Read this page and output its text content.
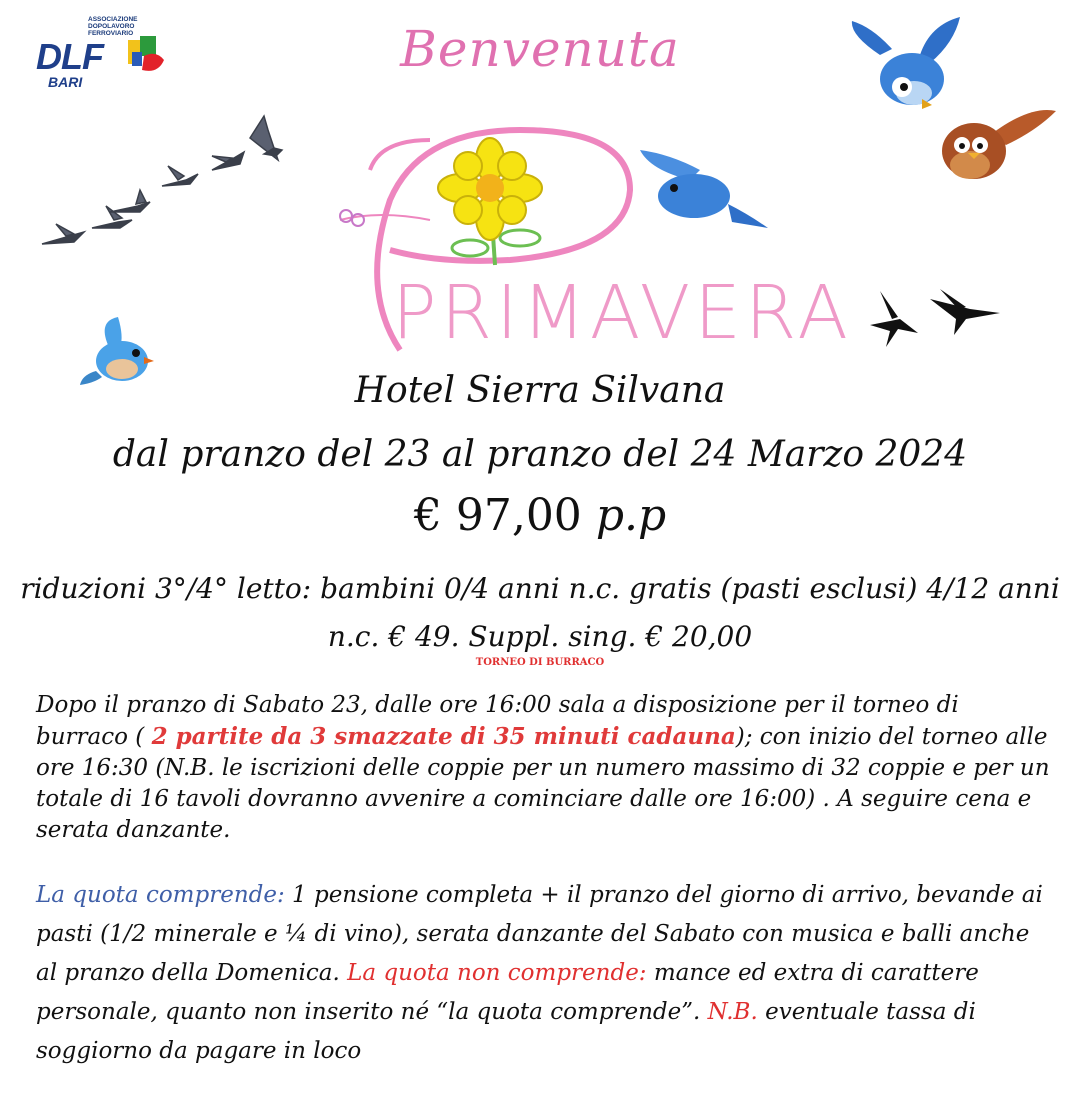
ASSOCIAZIONE DOPOLAVORO FERROVIARIO
DLF
BARI
Benvenuta
PRIMAVERA
Hotel Sierra Silvana
dal pranzo del 23 al pranzo del 24 Marzo 2024
€ 97,00 p.p
riduzioni 3°/4° letto: bambini 0/4 anni n.c. gratis (pasti esclusi) 4/12 anni n.c. € 49. Suppl. sing. € 20,00
TORNEO DI BURRACO
Dopo il pranzo di Sabato 23, dalle ore 16:00 sala a disposizione per il torneo di burraco ( 2 partite da 3 smazzate di 35 minuti cadauna); con inizio del torneo alle ore 16:30 (N.B. le iscrizioni delle coppie per un numero massimo di 32 coppie e per un totale di 16 tavoli dovranno avvenire a cominciare dalle ore 16:00) . A seguire cena e serata danzante.
La quota comprende: 1 pensione completa + il pranzo del giorno di arrivo, bevande ai pasti (1/2 minerale e ¼ di vino), serata danzante del Sabato con musica e balli anche al pranzo della Domenica. La quota non comprende: mance ed extra di carattere personale, quanto non inserito né “la quota comprende”. N.B. eventuale tassa di soggiorno da pagare in loco
